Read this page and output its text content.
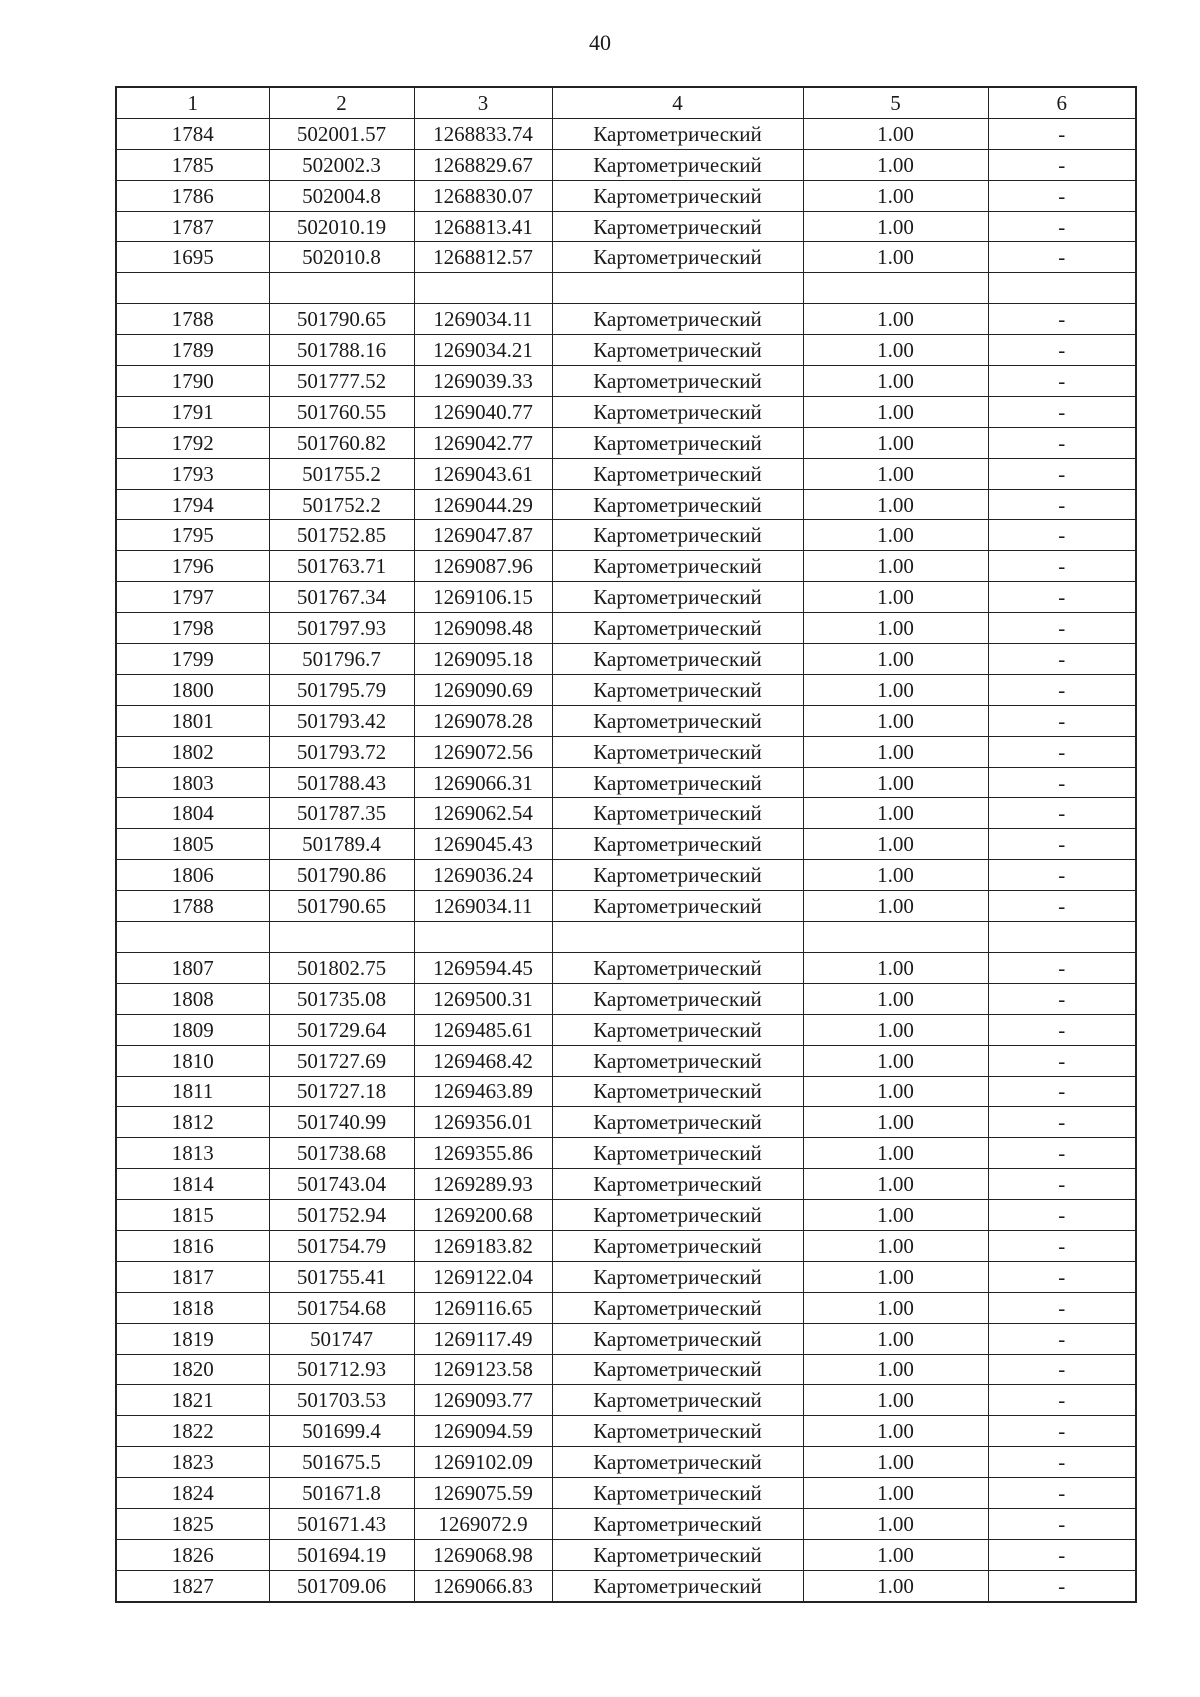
40
1	2	3	4	5	6
1784	502001.57	1268833.74	Картометрический	1.00	-
1785	502002.3	1268829.67	Картометрический	1.00	-
1786	502004.8	1268830.07	Картометрический	1.00	-
1787	502010.19	1268813.41	Картометрический	1.00	-
1695	502010.8	1268812.57	Картометрический	1.00	-

1788	501790.65	1269034.11	Картометрический	1.00	-
1789	501788.16	1269034.21	Картометрический	1.00	-
1790	501777.52	1269039.33	Картометрический	1.00	-
1791	501760.55	1269040.77	Картометрический	1.00	-
1792	501760.82	1269042.77	Картометрический	1.00	-
1793	501755.2	1269043.61	Картометрический	1.00	-
1794	501752.2	1269044.29	Картометрический	1.00	-
1795	501752.85	1269047.87	Картометрический	1.00	-
1796	501763.71	1269087.96	Картометрический	1.00	-
1797	501767.34	1269106.15	Картометрический	1.00	-
1798	501797.93	1269098.48	Картометрический	1.00	-
1799	501796.7	1269095.18	Картометрический	1.00	-
1800	501795.79	1269090.69	Картометрический	1.00	-
1801	501793.42	1269078.28	Картометрический	1.00	-
1802	501793.72	1269072.56	Картометрический	1.00	-
1803	501788.43	1269066.31	Картометрический	1.00	-
1804	501787.35	1269062.54	Картометрический	1.00	-
1805	501789.4	1269045.43	Картометрический	1.00	-
1806	501790.86	1269036.24	Картометрический	1.00	-
1788	501790.65	1269034.11	Картометрический	1.00	-

1807	501802.75	1269594.45	Картометрический	1.00	-
1808	501735.08	1269500.31	Картометрический	1.00	-
1809	501729.64	1269485.61	Картометрический	1.00	-
1810	501727.69	1269468.42	Картометрический	1.00	-
1811	501727.18	1269463.89	Картометрический	1.00	-
1812	501740.99	1269356.01	Картометрический	1.00	-
1813	501738.68	1269355.86	Картометрический	1.00	-
1814	501743.04	1269289.93	Картометрический	1.00	-
1815	501752.94	1269200.68	Картометрический	1.00	-
1816	501754.79	1269183.82	Картометрический	1.00	-
1817	501755.41	1269122.04	Картометрический	1.00	-
1818	501754.68	1269116.65	Картометрический	1.00	-
1819	501747	1269117.49	Картометрический	1.00	-
1820	501712.93	1269123.58	Картометрический	1.00	-
1821	501703.53	1269093.77	Картометрический	1.00	-
1822	501699.4	1269094.59	Картометрический	1.00	-
1823	501675.5	1269102.09	Картометрический	1.00	-
1824	501671.8	1269075.59	Картометрический	1.00	-
1825	501671.43	1269072.9	Картометрический	1.00	-
1826	501694.19	1269068.98	Картометрический	1.00	-
1827	501709.06	1269066.83	Картометрический	1.00	-
